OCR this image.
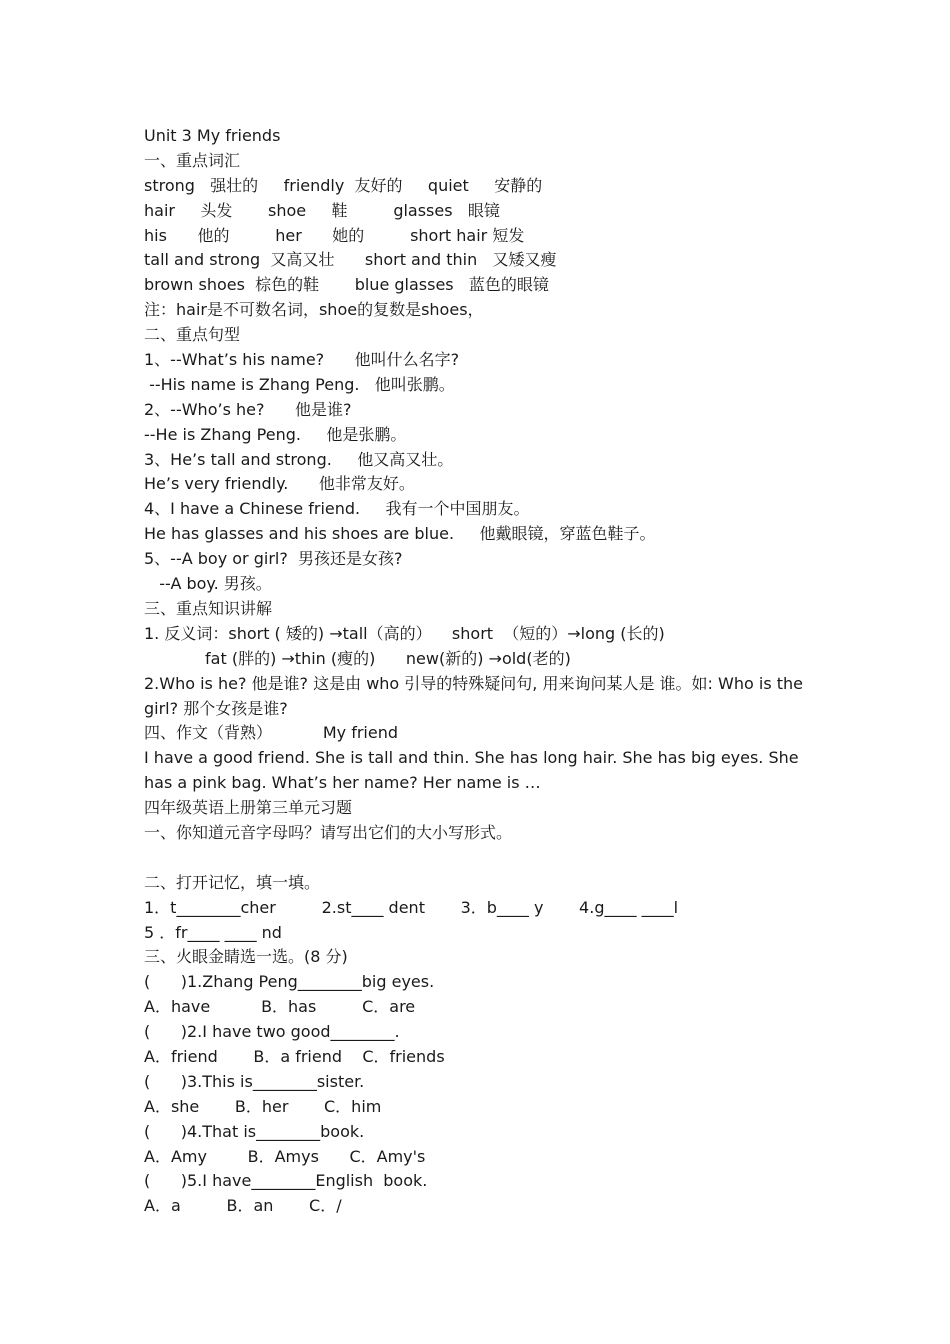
Unit 3 My friends
一、重点词汇
strong   强壮的     friendly  友好的     quiet     安静的
hair     头发       shoe     鞋         glasses   眼镜
his      他的         her      她的         short hair 短发
tall and strong  又高又壮      short and thin   又矮又瘦
brown shoes  棕色的鞋       blue glasses   蓝色的眼镜
注：hair是不可数名词，shoe的复数是shoes，
二、重点句型
1、--What’s his name?      他叫什么名字?
--His name is Zhang Peng.   他叫张鹏。
2、--Who’s he?      他是谁?
--He is Zhang Peng.     他是张鹏。
3、He’s tall and strong.     他又高又壮。
He’s very friendly.      他非常友好。
4、I have a Chinese friend.     我有一个中国朋友。
He has glasses and his shoes are blue.     他戴眼镜，穿蓝色鞋子。
5、--A boy or girl?  男孩还是女孩?
--A boy. 男孩。
三、重点知识讲解
1. 反义词：short ( 矮的) →tall（高的）    short  （短的）→long (长的)
fat (胖的) →thin (瘦的)      new(新的) →old(老的)
2.Who is he? 他是谁? 这是由 who 引导的特殊疑问句, 用来询问某人是 谁。如: Who is the girl? 那个女孩是谁?
四、作文（背熟）          My friend
I have a good friend. She is tall and thin. She has long hair. She has big eyes. She has a pink bag. What’s her name? Her name is …
四年级英语上册第三单元习题
一、你知道元音字母吗？请写出它们的大小写形式。
二、打开记忆，填一填。
1．t________cher         2.st____ dent       3．b____ y       4.g____ ____l
5 ．fr____ ____ nd
三、火眼金睛选一选。(8 分)
(      )1.Zhang Peng________big eyes.
A．have          B．has         C．are
(      )2.I have two good________.
A．friend       B．a friend    C．friends
(      )3.This is________sister.
A．she       B．her       C．him
(      )4.That is________book.
A．Amy        B．Amys      C．Amy's
(      )5.I have________English  book.
A．a         B．an       C．/
